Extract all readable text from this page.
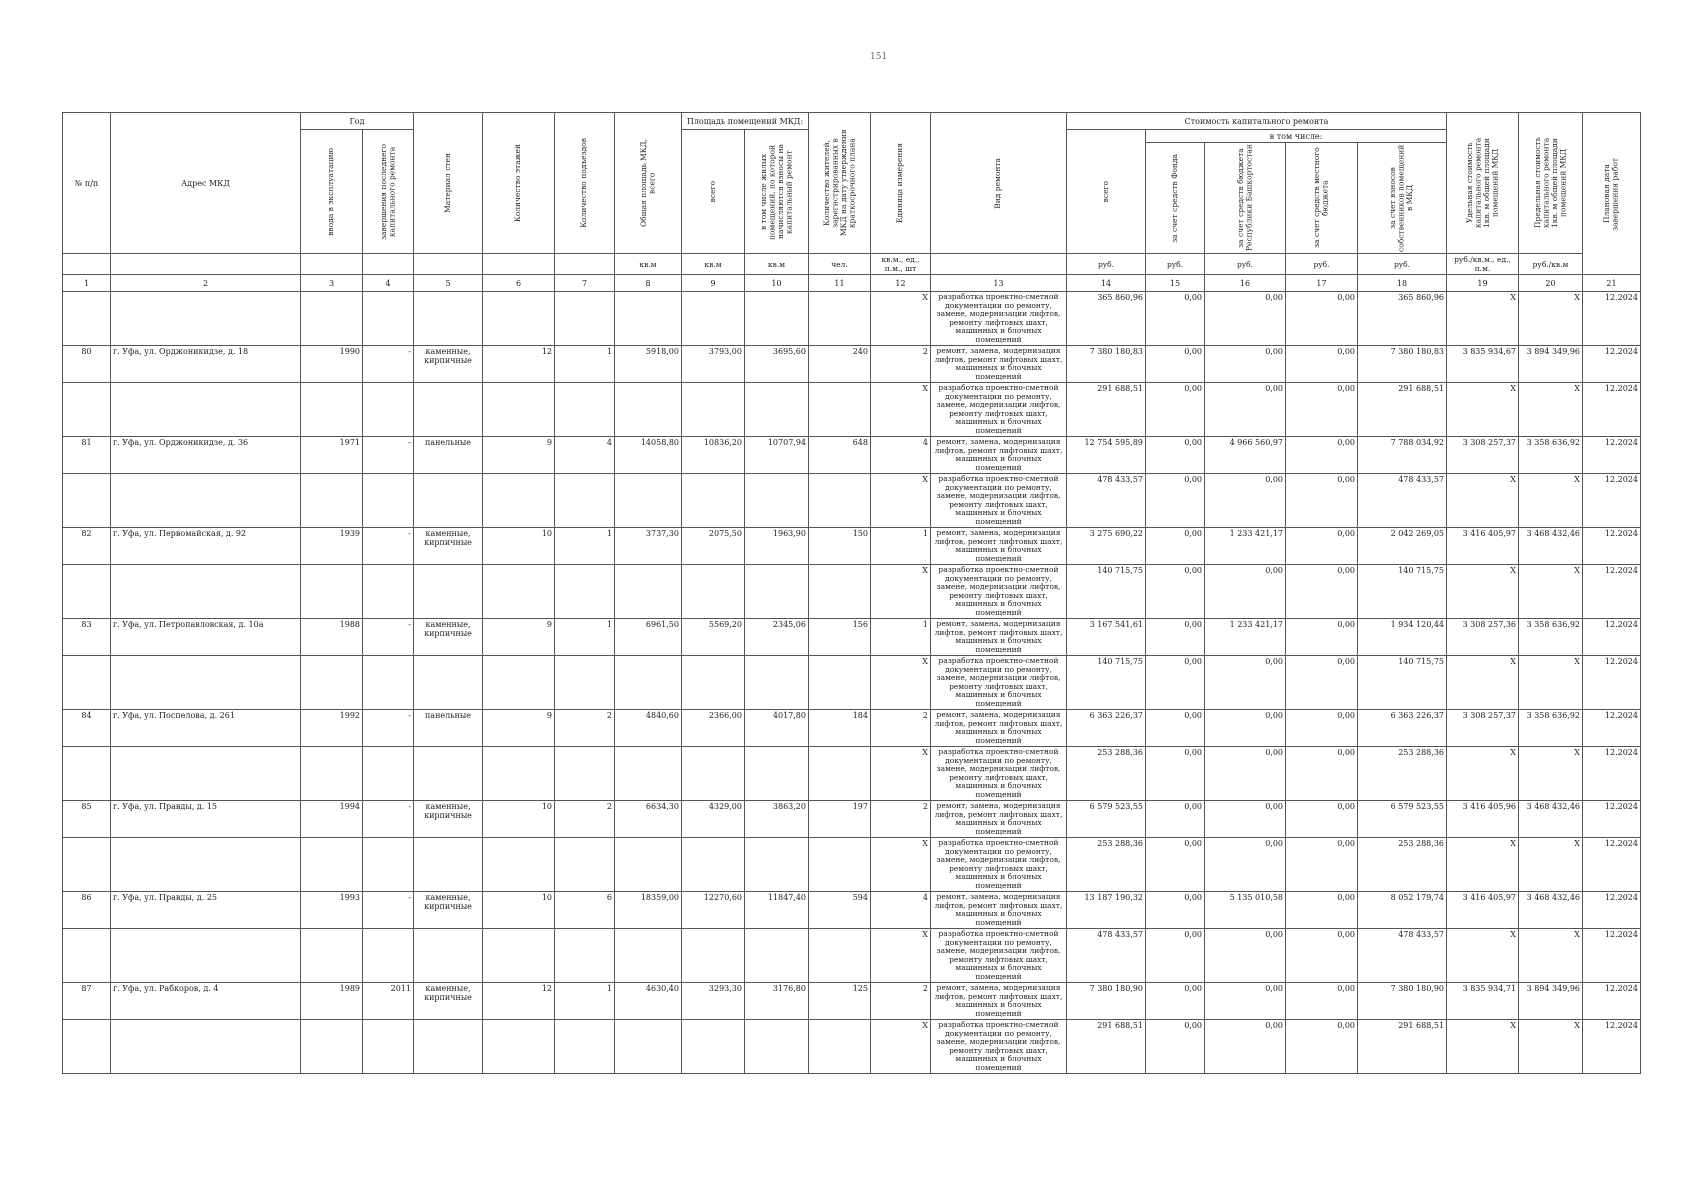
151
№ п/п	Адрес МКД	Год		Материал стен	Количество этажей	Количество подъездов	Общая площадь МКД, всего	Площадь помещений МКД:		Количество жителей, зарегистрированных в МКД на дату утверждения краткосрочного плана	Единица измерения	Вид ремонта	Стоимость капитального ремонта					Удельная стоимость капитального ремонта 1кв. м общей площади помещений МКД	Предельная стоимость капитального ремонта 1кв. м общей площади помещений МКД	Плановая дата завершения работ

		ввода в эксплуатацию	завершения последнего капитального ремонта					всего	в том числе жилых помещений, по которой начисляются взносы на капитальный ремонт				всего	в том числе:						

														за счет средств Фонда	за счет средств бюджета Республики Башкортостан	за счет средств местного бюджета	за счет взносов собственников помещений в МКД			

							кв.м	кв.м	кв.м	чел.	кв.м., ед., п.м., шт		руб.	руб.	руб.	руб.	руб.	руб./кв.м., ед., п.м.	руб./кв.м	
1	2	3	4	5	6	7	8	9	10	11	12	13	14	15	16	17	18	19	20	21
											X	разработка проектно-сметной документации по ремонту, замене, модернизации лифтов, ремонту лифтовых шахт, машинных и блочных помещений	365 860,96	0,00	0,00	0,00	365 860,96	X	X	12.2024
80	г. Уфа, ул. Орджоникидзе, д. 18	1990	-	каменные, кирпичные	12	1	5918,00	3793,00	3695,60	240	2	ремонт, замена, модернизация лифтов, ремонт лифтовых шахт, машинных и блочных помещений	7 380 180,83	0,00	0,00	0,00	7 380 180,83	3 835 934,67	3 894 349,96	12.2024
											X	разработка проектно-сметной документации по ремонту, замене, модернизации лифтов, ремонту лифтовых шахт, машинных и блочных помещений	291 688,51	0,00	0,00	0,00	291 688,51	X	X	12.2024
81	г. Уфа, ул. Орджоникидзе, д. 36	1971	-	панельные	9	4	14058,80	10836,20	10707,94	648	4	ремонт, замена, модернизация лифтов, ремонт лифтовых шахт, машинных и блочных помещений	12 754 595,89	0,00	4 966 560,97	0,00	7 788 034,92	3 308 257,37	3 358 636,92	12.2024
											X	разработка проектно-сметной документации по ремонту, замене, модернизации лифтов, ремонту лифтовых шахт, машинных и блочных помещений	478 433,57	0,00	0,00	0,00	478 433,57	X	X	12.2024
82	г. Уфа, ул. Первомайская, д. 92	1939	-	каменные, кирпичные	10	1	3737,30	2075,50	1963,90	150	1	ремонт, замена, модернизация лифтов, ремонт лифтовых шахт, машинных и блочных помещений	3 275 690,22	0,00	1 233 421,17	0,00	2 042 269,05	3 416 405,97	3 468 432,46	12.2024
											X	разработка проектно-сметной документации по ремонту, замене, модернизации лифтов, ремонту лифтовых шахт, машинных и блочных помещений	140 715,75	0,00	0,00	0,00	140 715,75	X	X	12.2024
83	г. Уфа, ул. Петропавловская, д. 10а	1988	-	каменные, кирпичные	9	1	6961,50	5569,20	2345,06	156	1	ремонт, замена, модернизация лифтов, ремонт лифтовых шахт, машинных и блочных помещений	3 167 541,61	0,00	1 233 421,17	0,00	1 934 120,44	3 308 257,36	3 358 636,92	12.2024
											X	разработка проектно-сметной документации по ремонту, замене, модернизации лифтов, ремонту лифтовых шахт, машинных и блочных помещений	140 715,75	0,00	0,00	0,00	140 715,75	X	X	12.2024
84	г. Уфа, ул. Поспелова, д. 261	1992	-	панельные	9	2	4840,60	2366,00	4017,80	184	2	ремонт, замена, модернизация лифтов, ремонт лифтовых шахт, машинных и блочных помещений	6 363 226,37	0,00	0,00	0,00	6 363 226,37	3 308 257,37	3 358 636,92	12.2024
											X	разработка проектно-сметной документации по ремонту, замене, модернизации лифтов, ремонту лифтовых шахт, машинных и блочных помещений	253 288,36	0,00	0,00	0,00	253 288,36	X	X	12.2024
85	г. Уфа, ул. Правды, д. 15	1994	-	каменные, кирпичные	10	2	6634,30	4329,00	3863,20	197	2	ремонт, замена, модернизация лифтов, ремонт лифтовых шахт, машинных и блочных помещений	6 579 523,55	0,00	0,00	0,00	6 579 523,55	3 416 405,96	3 468 432,46	12.2024
											X	разработка проектно-сметной документации по ремонту, замене, модернизации лифтов, ремонту лифтовых шахт, машинных и блочных помещений	253 288,36	0,00	0,00	0,00	253 288,36	X	X	12.2024
86	г. Уфа, ул. Правды, д. 25	1993	-	каменные, кирпичные	10	6	18359,00	12270,60	11847,40	594	4	ремонт, замена, модернизация лифтов, ремонт лифтовых шахт, машинных и блочных помещений	13 187 190,32	0,00	5 135 010,58	0,00	8 052 179,74	3 416 405,97	3 468 432,46	12.2024
											X	разработка проектно-сметной документации по ремонту, замене, модернизации лифтов, ремонту лифтовых шахт, машинных и блочных помещений	478 433,57	0,00	0,00	0,00	478 433,57	X	X	12.2024
87	г. Уфа, ул. Рабкоров, д. 4	1989	2011	каменные, кирпичные	12	1	4630,40	3293,30	3176,80	125	2	ремонт, замена, модернизация лифтов, ремонт лифтовых шахт, машинных и блочных помещений	7 380 180,90	0,00	0,00	0,00	7 380 180,90	3 835 934,71	3 894 349,96	12.2024
											X	разработка проектно-сметной документации по ремонту, замене, модернизации лифтов, ремонту лифтовых шахт, машинных и блочных помещений	291 688,51	0,00	0,00	0,00	291 688,51	X	X	12.2024
